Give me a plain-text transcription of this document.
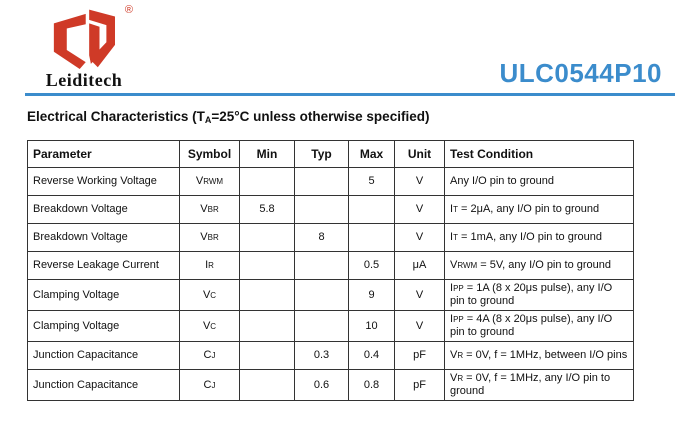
®
Leiditech	ULC0544P10
Electrical Characteristics ($T_A=25^\circ C$ unless otherwise specified)
Parameter	Symbol	Min	Typ	Max	Unit	Test Condition
Reverse Working Voltage	VRWM			5	V	Any I/O pin to ground
Breakdown Voltage	VBR	5.8			V	IT = 2μA, any I/O pin to ground
Breakdown Voltage	VBR		8		V	IT = 1mA, any I/O pin to ground
Reverse Leakage Current	IR			0.5	μA	VRWM = 5V, any I/O pin to ground
Clamping Voltage	VC			9	V	IPP = 1A (8 x 20μs pulse), any I/O pin to ground
Clamping Voltage	VC			10	V	IPP = 4A (8 x 20μs pulse), any I/O pin to ground
Junction Capacitance	CJ		0.3	0.4	pF	VR = 0V, f = 1MHz, between I/O pins
Junction Capacitance	CJ		0.6	0.8	pF	VR = 0V, f = 1MHz, any I/O pin to ground
